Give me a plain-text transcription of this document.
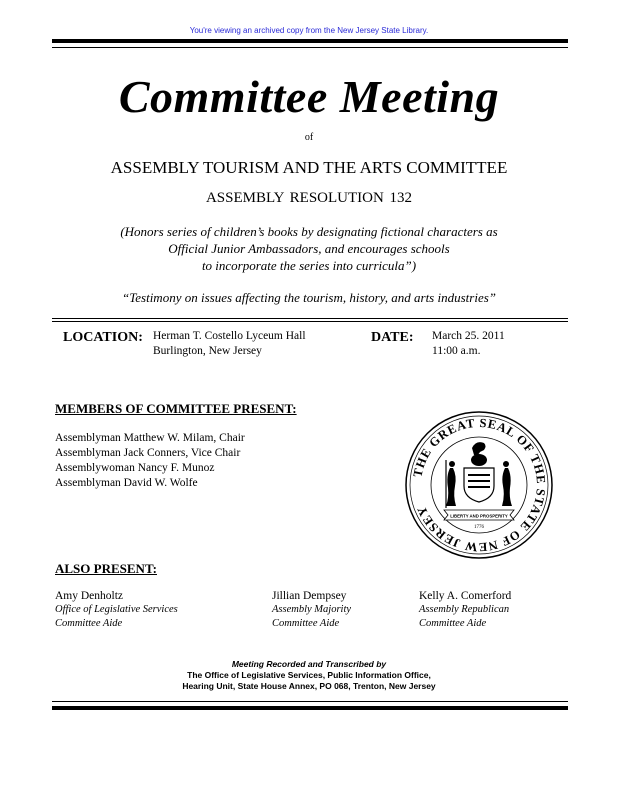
You're viewing an archived copy from the New Jersey State Library.
Committee Meeting
of
ASSEMBLY TOURISM AND THE ARTS COMMITTEE
ASSEMBLY RESOLUTION 132
(Honors series of children’s books by designating fictional characters as
Official Junior Ambassadors, and encourages schools
to incorporate the series into curricula”)
“Testimony on issues affecting the tourism, history, and arts industries”
LOCATION: Herman T. Costello Lyceum Hall
Burlington, New Jersey
DATE: March 25. 2011
11:00 a.m.
MEMBERS OF COMMITTEE PRESENT:
Assemblyman Matthew W. Milam, Chair
Assemblyman Jack Conners, Vice Chair
Assemblywoman Nancy F. Munoz
Assemblyman David W. Wolfe
THE GREAT SEAL OF THE STATE OF NEW JERSEY	LIBERTY AND PROSPERITY
1776
ALSO PRESENT:
Amy Denholtz
Office of Legislative Services
Committee Aide
Jillian Dempsey
Assembly Majority
Committee Aide
Kelly A. Comerford
Assembly Republican
Committee Aide
Meeting Recorded and Transcribed by
The Office of Legislative Services, Public Information Office,
Hearing Unit, State House Annex, PO 068, Trenton, New Jersey
